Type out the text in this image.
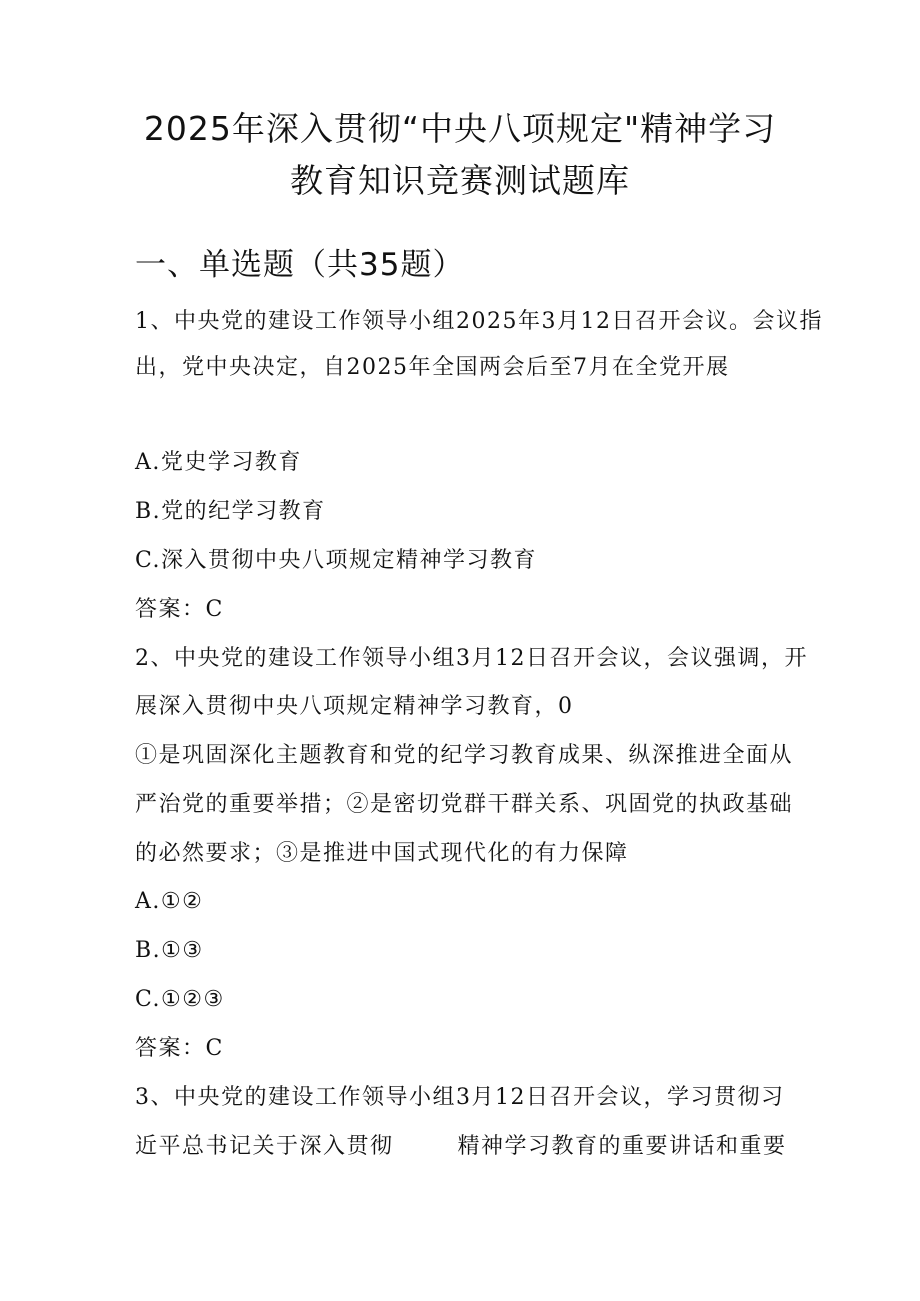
2025年深入贯彻“中央八项规定"精神学习
教育知识竞赛测试题库
一、单选题（共35题）
1、中央党的建设工作领导小组2025年3月12日召开会议。会议指
出，党中央决定，自2025年全国两会后至7月在全党开展
A.党史学习教育
B.党的纪学习教育
C.深入贯彻中央八项规定精神学习教育
答案：C
2、中央党的建设工作领导小组3月12日召开会议，会议强调，开
展深入贯彻中央八项规定精神学习教育，0
①是巩固深化主题教育和党的纪学习教育成果、纵深推进全面从
严治党的重要举措；②是密切党群干群关系、巩固党的执政基础
的必然要求；③是推进中国式现代化的有力保障
A.①②
B.①③
C.①②③
答案：C
3、中央党的建设工作领导小组3月12日召开会议，学习贯彻习
近平总书记关于深入贯彻	精神学习教育的重要讲话和重要
